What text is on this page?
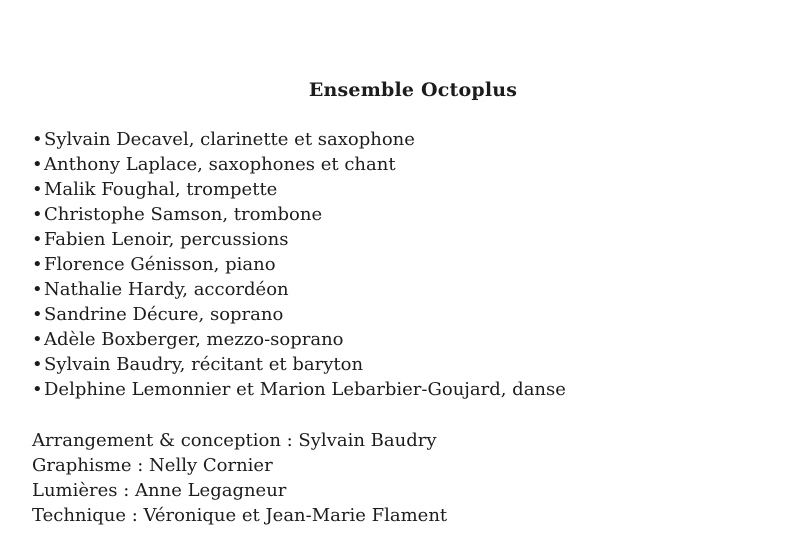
Ensemble Octoplus
•Sylvain Decavel, clarinette et saxophone
•Anthony Laplace, saxophones et chant
•Malik Foughal, trompette
•Christophe Samson, trombone
•Fabien Lenoir, percussions
•Florence Génisson, piano
•Nathalie Hardy, accordéon
•Sandrine Décure, soprano
•Adèle Boxberger, mezzo-soprano
•Sylvain Baudry, récitant et baryton
•Delphine Lemonnier et Marion Lebarbier-Goujard, danse
Arrangement & conception : Sylvain Baudry
Graphisme : Nelly Cornier
Lumières : Anne Legagneur
Technique : Véronique et Jean-Marie Flament
